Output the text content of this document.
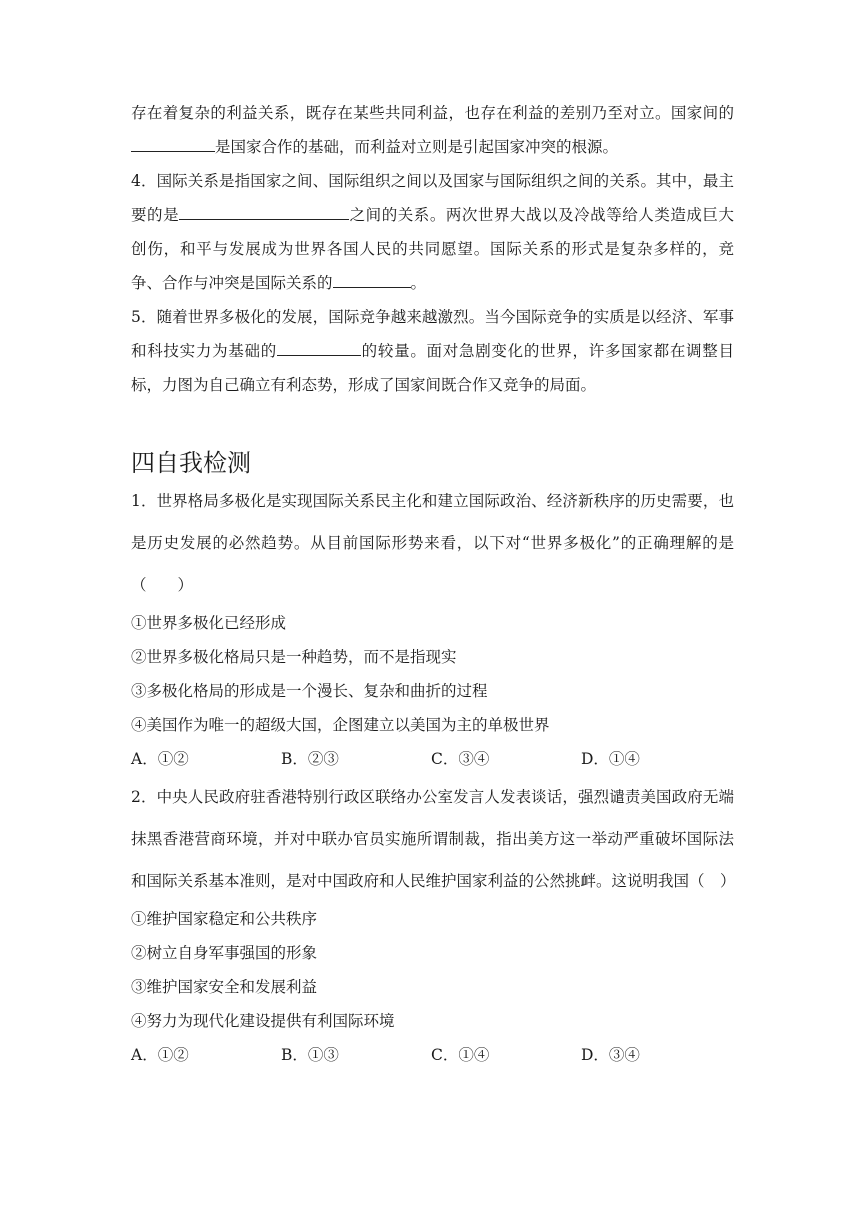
存在着复杂的利益关系，既存在某些共同利益，也存在利益的差别乃至对立。国家间的是国家合作的基础，而利益对立则是引起国家冲突的根源。

4．国际关系是指国家之间、国际组织之间以及国家与国际组织之间的关系。其中，最主要的是	之间的关系。两次世界大战以及冷战等给人类造成巨大创伤，和平与发展成为世界各国人民的共同愿望。国际关系的形式是复杂多样的，竞争、合作与冲突是国际关系的	。

5．随着世界多极化的发展，国际竞争越来越激烈。当今国际竞争的实质是以经济、军事和科技实力为基础的	的较量。面对急剧变化的世界，许多国家都在调整目标，力图为自己确立有利态势，形成了国家间既合作又竞争的局面。

四自我检测

1．世界格局多极化是实现国际关系民主化和建立国际政治、经济新秩序的历史需要，也是历史发展的必然趋势。从目前国际形势来看，以下对“世界多极化”的正确理解的是（　　）

①世界多极化已经形成

②世界多极化格局只是一种趋势，而不是指现实

③多极化格局的形成是一个漫长、复杂和曲折的过程

④美国作为唯一的超级大国，企图建立以美国为主的单极世界

A．①②	B．②③	C．③④	D．①④

2．中央人民政府驻香港特别行政区联络办公室发言人发表谈话，强烈谴责美国政府无端抹黑香港营商环境，并对中联办官员实施所谓制裁，指出美方这一举动严重破坏国际法和国际关系基本准则，是对中国政府和人民维护国家利益的公然挑衅。这说明我国（　）

①维护国家稳定和公共秩序

②树立自身军事强国的形象

③维护国家安全和发展利益

④努力为现代化建设提供有利国际环境

A．①②	B．①③	C．①④	D．③④
